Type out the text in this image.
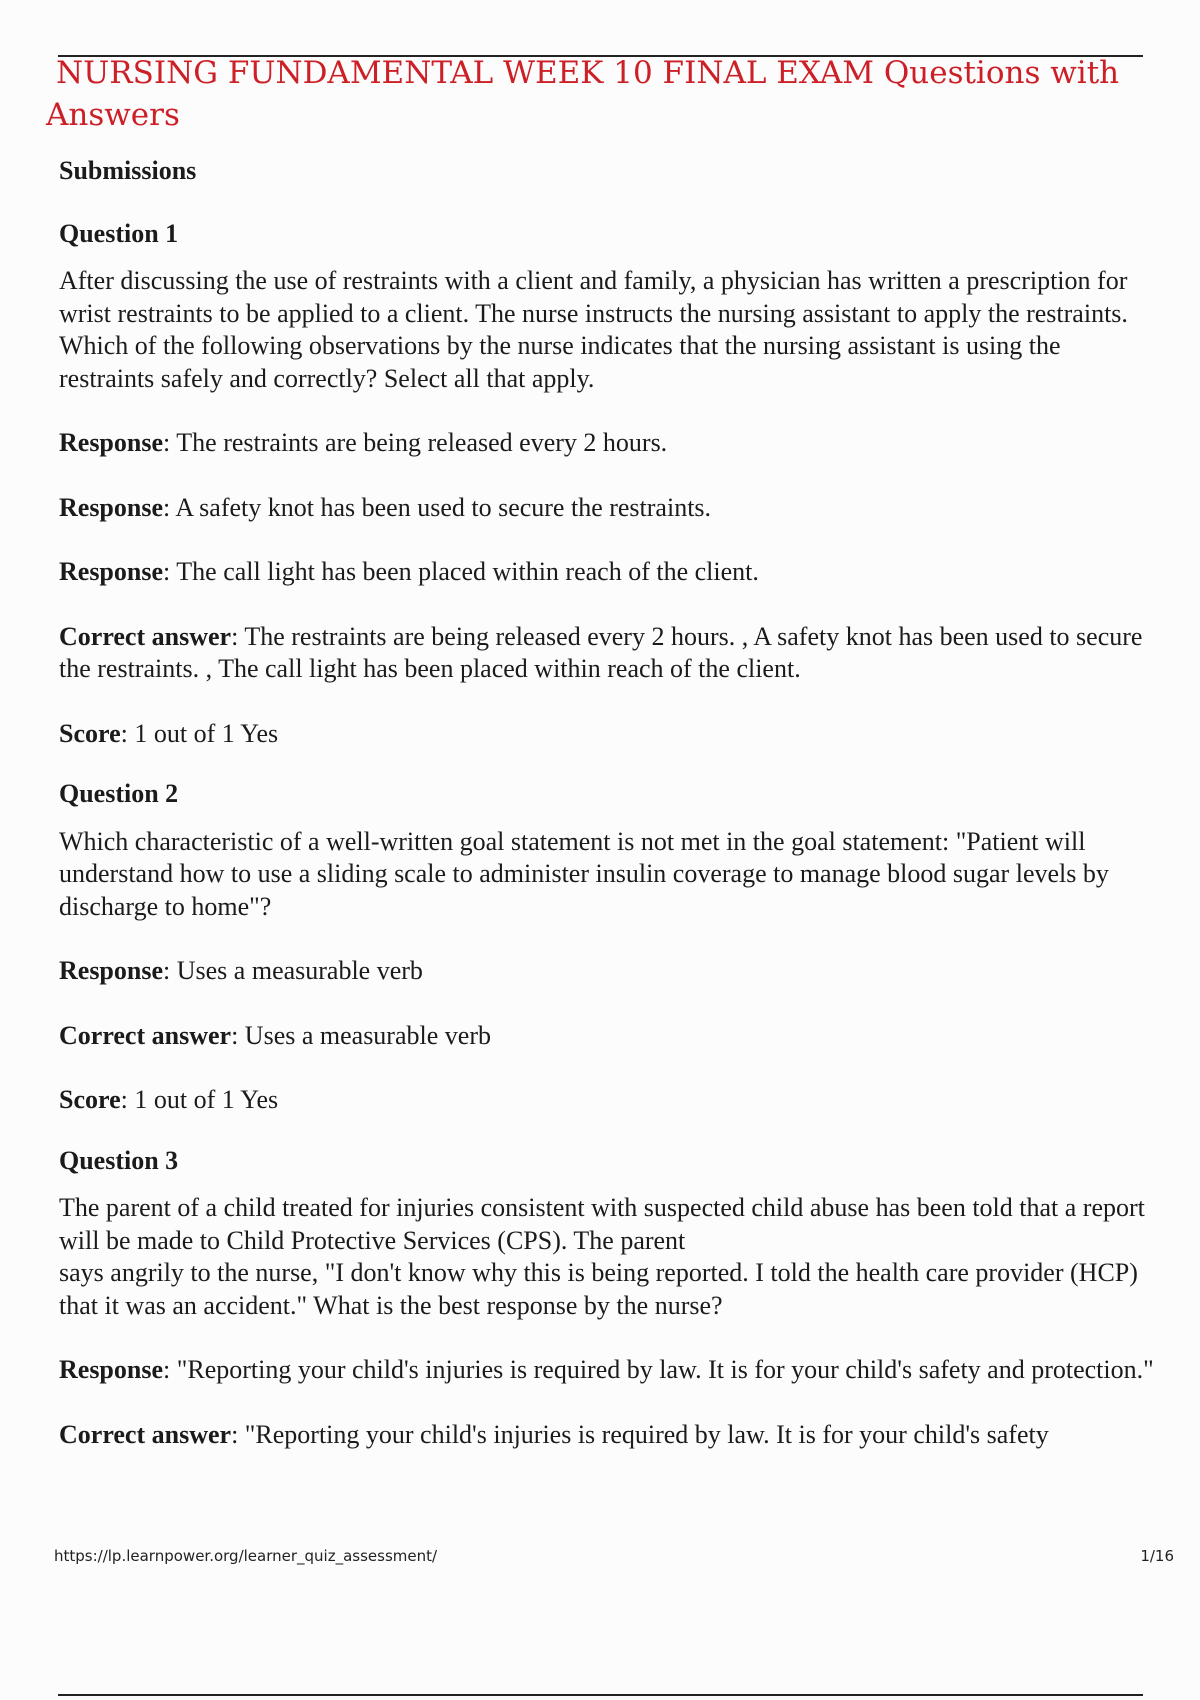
NURSING FUNDAMENTAL WEEK 10 FINAL EXAM Questions with Answers

Submissions

Question 1

After discussing the use of restraints with a client and family, a physician has written a prescription for wrist restraints to be applied to a client. The nurse instructs the nursing assistant to apply the restraints. Which of the following observations by the nurse indicates that the nursing assistant is using the restraints safely and correctly? Select all that apply.

Response: The restraints are being released every 2 hours.

Response: A safety knot has been used to secure the restraints.

Response: The call light has been placed within reach of the client.

Correct answer: The restraints are being released every 2 hours. , A safety knot has been used to secure the restraints. , The call light has been placed within reach of the client.

Score: 1 out of 1 Yes

Question 2

Which characteristic of a well-written goal statement is not met in the goal statement: "Patient will understand how to use a sliding scale to administer insulin coverage to manage blood sugar levels by discharge to home"?

Response: Uses a measurable verb

Correct answer: Uses a measurable verb

Score: 1 out of 1 Yes

Question 3

The parent of a child treated for injuries consistent with suspected child abuse has been told that a report will be made to Child Protective Services (CPS). The parent

says angrily to the nurse, "I don't know why this is being reported. I told the health care provider (HCP) that it was an accident." What is the best response by the nurse?

Response: "Reporting your child's injuries is required by law. It is for your child's safety and protection."

Correct answer: "Reporting your child's injuries is required by law. It is for your child's safety

https://lp.learnpower.org/learner_quiz_assessment/	1/16
